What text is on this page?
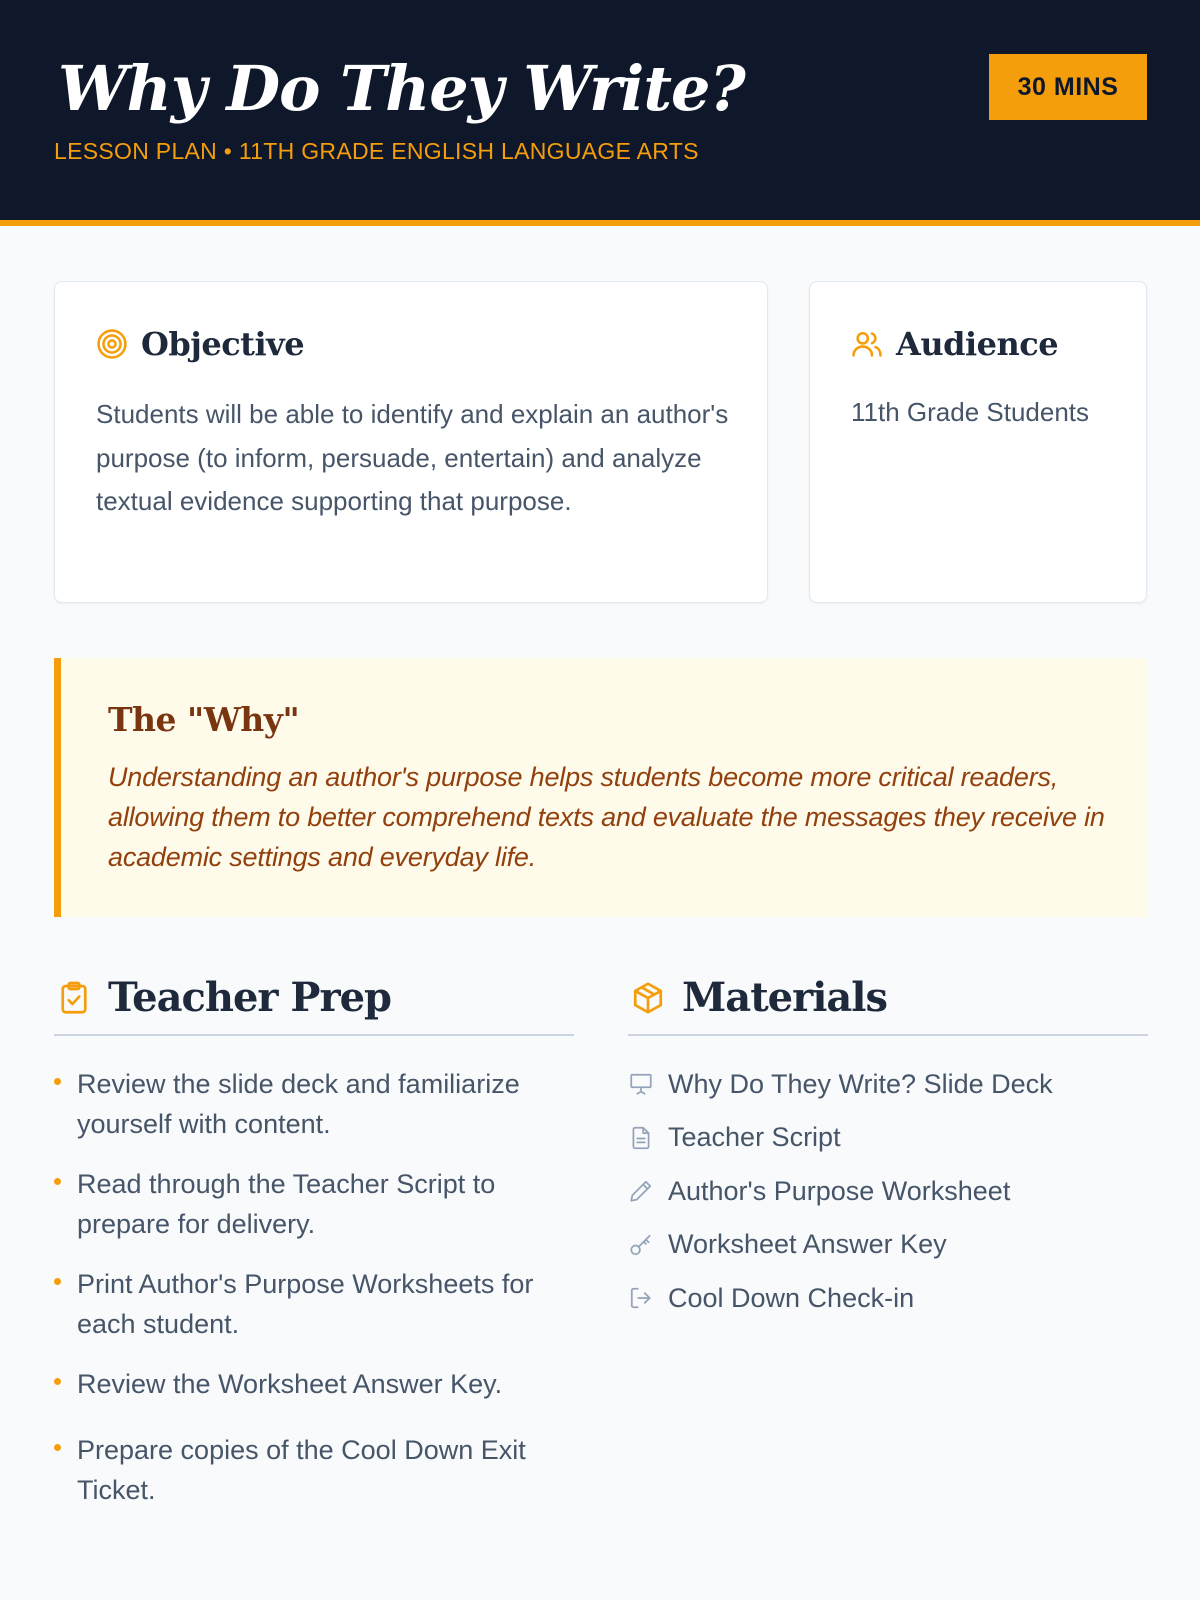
Why Do They Write?
LESSON PLAN • 11TH GRADE ENGLISH LANGUAGE ARTS
30 MINS
Objective

Students will be able to identify and explain an author's purpose (to inform, persuade, entertain) and analyze textual evidence supporting that purpose.

Audience

11th Grade Students

The "Why"

Understanding an author's purpose helps students become more critical readers, allowing them to better comprehend texts and evaluate the messages they receive in academic settings and everyday life.

Teacher Prep
Review the slide deck and familiarize yourself with content.
Read through the Teacher Script to prepare for delivery.
Print Author's Purpose Worksheets for each student.
Review the Worksheet Answer Key.
Prepare copies of the Cool Down Exit Ticket.
Materials
Why Do They Write? Slide Deck
Teacher Script
Author's Purpose Worksheet
Worksheet Answer Key
Cool Down Check-in
